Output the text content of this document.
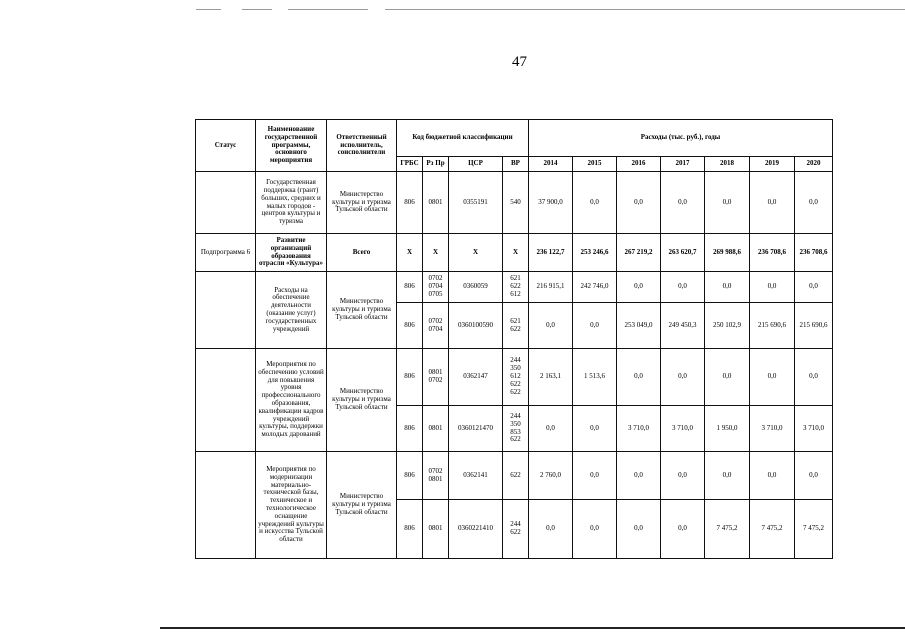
47
Статус	Наименование государственной программы, основного мероприятия	Ответственный исполнитель, соисполнители	Код бюджетной классификации				Расходы (тыс. руб.), годы						
			ГРБС	Рз Пр	ЦСР	ВР	2014	2015	2016	2017	2018	2019	2020
	Государственная поддержка (грант) больших, средних и малых городов - центров культуры и туризма	Министерство культуры и туризма Тульской области	806	0801	0355191	540	37 900,0	0,0	0,0	0,0	0,0	0,0	0,0
Подпрограмма 6	Развитие организаций образования отрасли «Культура»	Всего	X	X	X	X	236 122,7	253 246,6	267 219,2	263 620,7	269 988,6	236 708,6	236 708,6
	Расходы на обеспечение деятельности (оказание услуг) государственных учреждений	Министерство культуры и туризма Тульской области	806	0702
0704
0705	0360059	621
622
612	216 915,1	242 746,0	0,0	0,0	0,0	0,0	0,0
			806	0702
0704	0360100590	621
622	0,0	0,0	253 049,0	249 450,3	250 102,9	215 690,6	215 690,6
	Мероприятия по обеспечению условий для повышения уровня профессионального образования, квалификации кадров учреждений культуры, поддержки молодых дарований	Министерство культуры и туризма Тульской области	806	0801
0702	0362147	244
350
612
622
622	2 163,1	1 513,6	0,0	0,0	0,0	0,0	0,0
			806	0801	0360121470	244
350
853
622	0,0	0,0	3 710,0	3 710,0	1 950,0	3 710,0	3 710,0
	Мероприятия по модернизации материально-технической базы, техническое и технологическое оснащение учреждений культуры и искусства Тульской области	Министерство культуры и туризма Тульской области	806	0702
0801	0362141	622	2 760,0	0,0	0,0	0,0	0,0	0,0	0,0
			806	0801	0360221410	244
622	0,0	0,0	0,0	0,0	7 475,2	7 475,2	7 475,2
